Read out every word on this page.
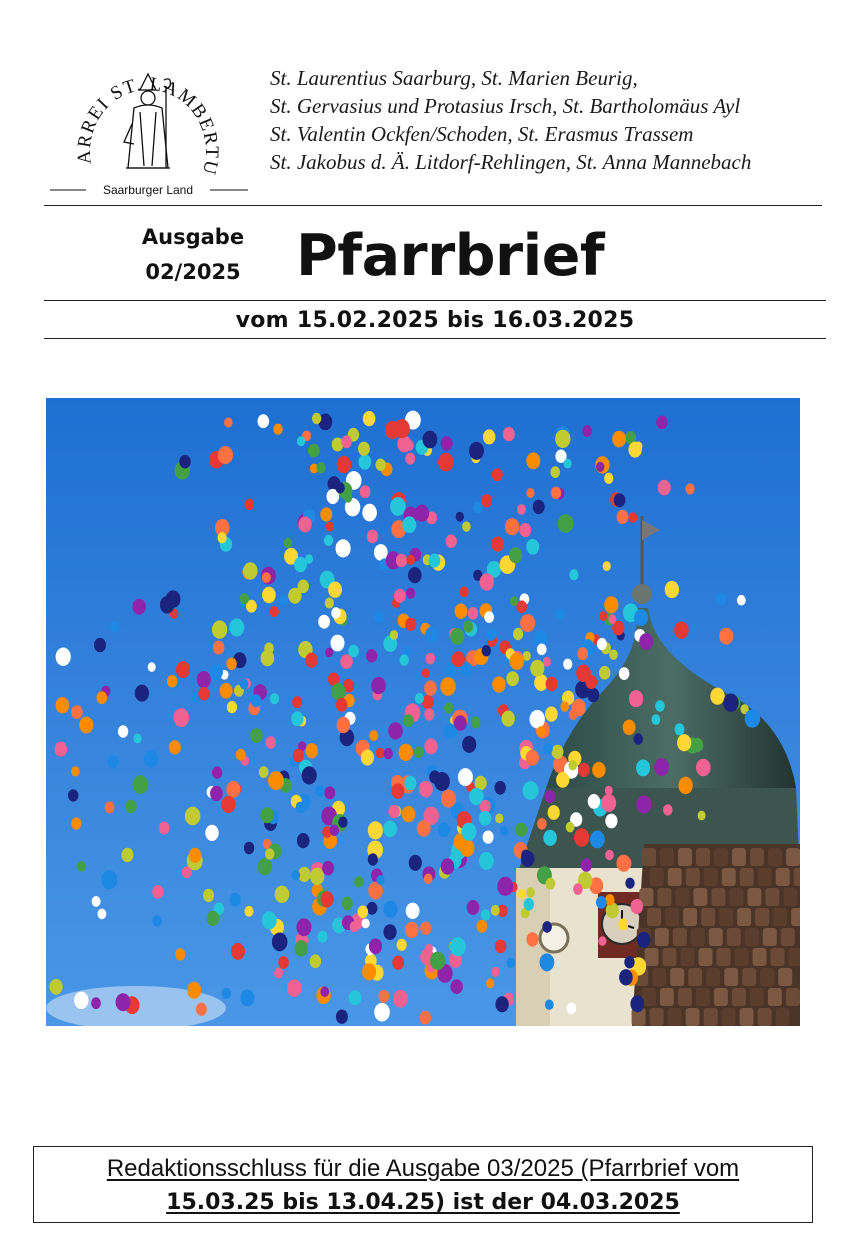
ARREI ST. LAMBERTU
Saarburger Land
St. Laurentius Saarburg, St. Marien Beurig,
St. Gervasius und Protasius Irsch, St. Bartholomäus Ayl
St. Valentin Ockfen/Schoden, St. Erasmus Trassem
St. Jakobus d. Ä. Litdorf-Rehlingen, St. Anna Mannebach
Ausgabe
02/2025 Pfarrbrief
vom 15.02.2025 bis 16.03.2025
Redaktionsschluss für die Ausgabe 03/2025 (Pfarrbrief vom
15.03.25 bis 13.04.25) ist der 04.03.2025
